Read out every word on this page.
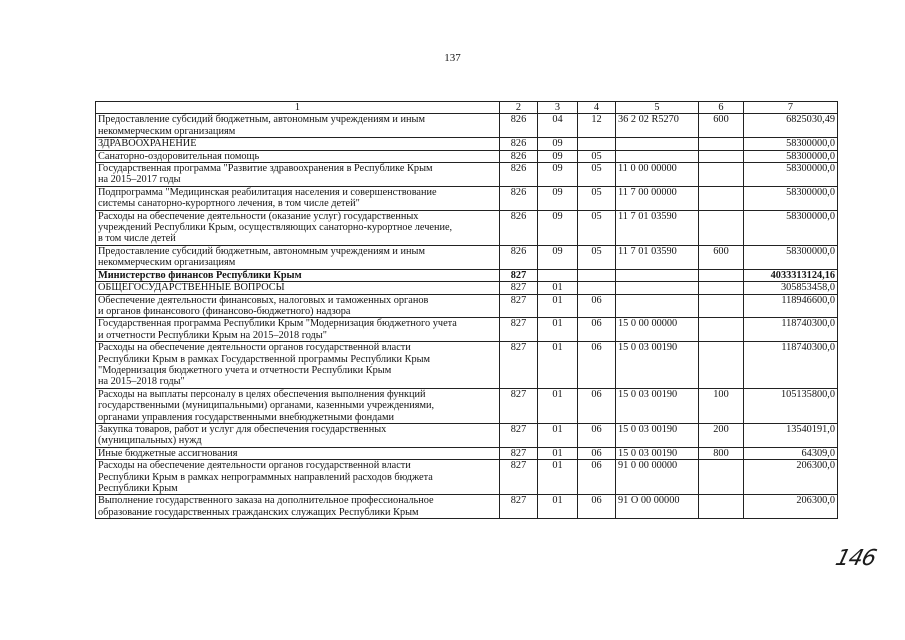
137
1	2	3	4	5	6	7

Предоставление субсидий бюджетным, автономным учреждениям и иным
некоммерческим организациям	826	04	12	36 2 02 R5270	600	6825030,49

ЗДРАВООХРАНЕНИЕ	826	09				58300000,0

Санаторно-оздоровительная помощь	826	09	05			58300000,0

Государственная программа "Развитие здравоохранения в Республике Крым
на 2015–2017 годы	826	09	05	11 0 00 00000		58300000,0

Подпрограмма "Медицинская реабилитация населения и совершенствование
системы санаторно-курортного лечения, в том числе детей"	826	09	05	11 7 00 00000		58300000,0

Расходы на обеспечение деятельности (оказание услуг) государственных
учреждений Республики Крым, осуществляющих санаторно-курортное лечение,
в том числе детей	826	09	05	11 7 01 03590		58300000,0

Предоставление субсидий бюджетным, автономным учреждениям и иным
некоммерческим организациям	826	09	05	11 7 01 03590	600	58300000,0

Министерство финансов Республики Крым	827					4033313124,16

ОБЩЕГОСУДАРСТВЕННЫЕ ВОПРОСЫ	827	01				305853458,0

Обеспечение деятельности финансовых, налоговых и таможенных органов
и органов финансового (финансово-бюджетного) надзора	827	01	06			118946600,0

Государственная программа Республики Крым "Модернизация бюджетного учета
и отчетности Республики Крым на 2015–2018 годы"	827	01	06	15 0 00 00000		118740300,0

Расходы на обеспечение деятельности органов государственной власти
Республики Крым в рамках Государственной программы Республики Крым
"Модернизация бюджетного учета и отчетности Республики Крым
на 2015–2018 годы"	827	01	06	15 0 03 00190		118740300,0

Расходы на выплаты персоналу в целях обеспечения выполнения функций
государственными (муниципальными) органами, казенными учреждениями,
органами управления государственными внебюджетными фондами	827	01	06	15 0 03 00190	100	105135800,0

Закупка товаров, работ и услуг для обеспечения государственных
(муниципальных) нужд	827	01	06	15 0 03 00190	200	13540191,0

Иные бюджетные ассигнования	827	01	06	15 0 03 00190	800	64309,0

Расходы на обеспечение деятельности органов государственной власти
Республики Крым в рамках непрограммных направлений расходов бюджета
Республики Крым	827	01	06	91 0 00 00000		206300,0

Выполнение государственного заказа на дополнительное профессиональное
образование государственных гражданских служащих Республики Крым	827	01	06	91 О 00 00000		206300,0
146
